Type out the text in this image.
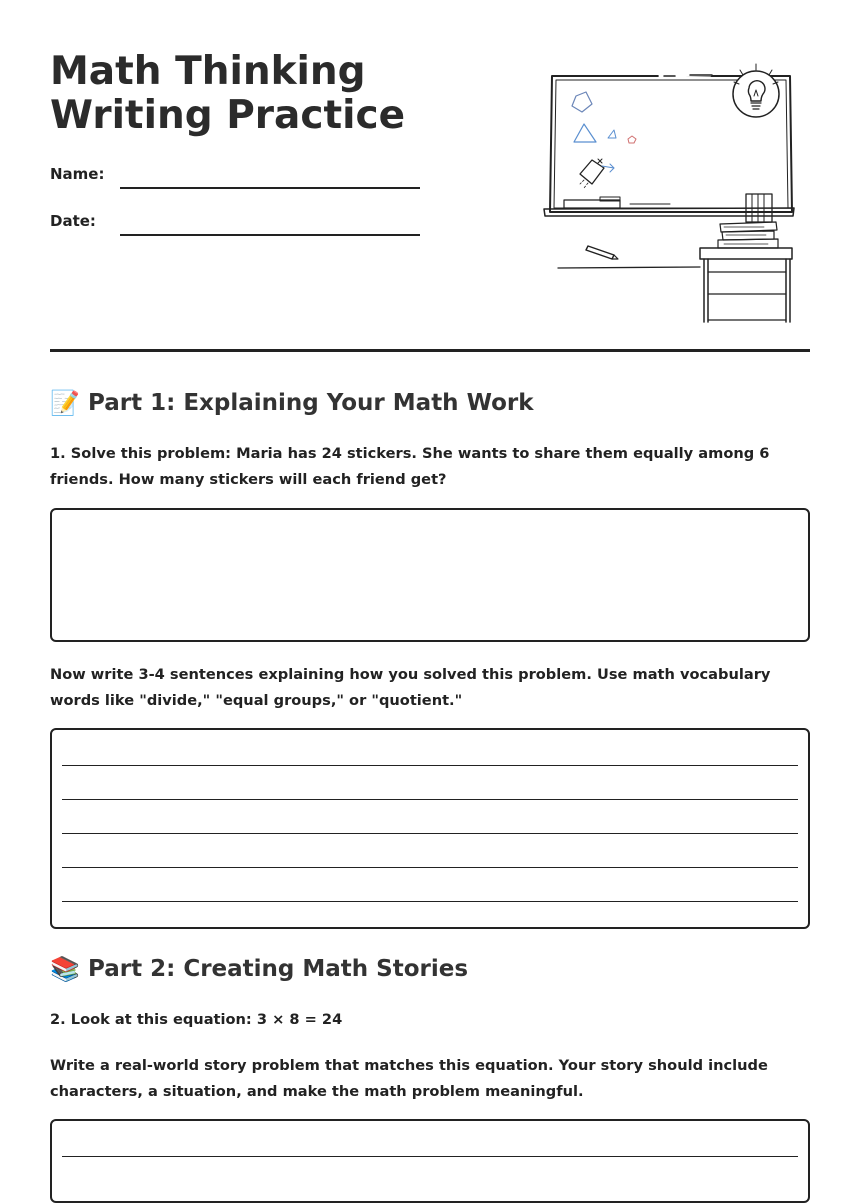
Math Thinking Writing Practice
Name:
Date:
📝 Part 1: Explaining Your Math Work

1. Solve this problem: Maria has 24 stickers. She wants to share them equally among 6 friends. How many stickers will each friend get?

Now write 3-4 sentences explaining how you solved this problem. Use math vocabulary words like "divide," "equal groups," or "quotient."

📚 Part 2: Creating Math Stories

2. Look at this equation: 3 × 8 = 24

Write a real-world story problem that matches this equation. Your story should include characters, a situation, and make the math problem meaningful.
